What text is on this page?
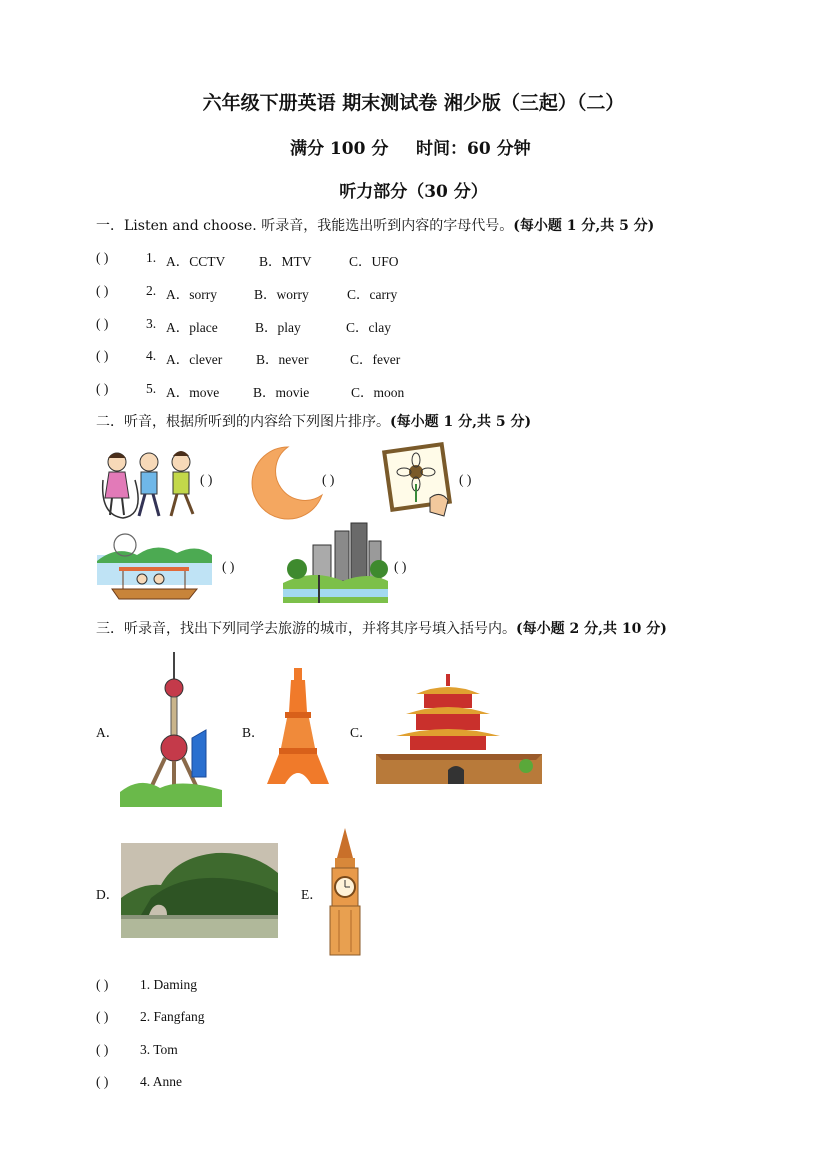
六年级下册英语 期末测试卷 湘少版（三起）（二）
满分 100 分 时间：60 分钟
听力部分（30 分）
一．Listen and choose. 听录音，我能选出听到内容的字母代号。(每小题 1 分,共 5 分)
( )	1. A．CCTV B．MTV	C．UFO
( )	2. A．sorry	B．worry	C．carry
( )	3. A．place	B．play	C．clay
( )	4. A．clever	B．never	C．fever
( )	5. A．move	B．movie	C．moon
二．听音，根据所听到的内容给下列图片排序。(每小题 1 分,共 5 分)
( )	( )	( )
( )	( )
三．听录音，找出下列同学去旅游的城市，并将其序号填入括号内。(每小题 2 分,共 10 分)
A．	B．	C．
D．	E．
( ) 1. Daming
( ) 2. Fangfang
( ) 3. Tom
( ) 4. Anne
